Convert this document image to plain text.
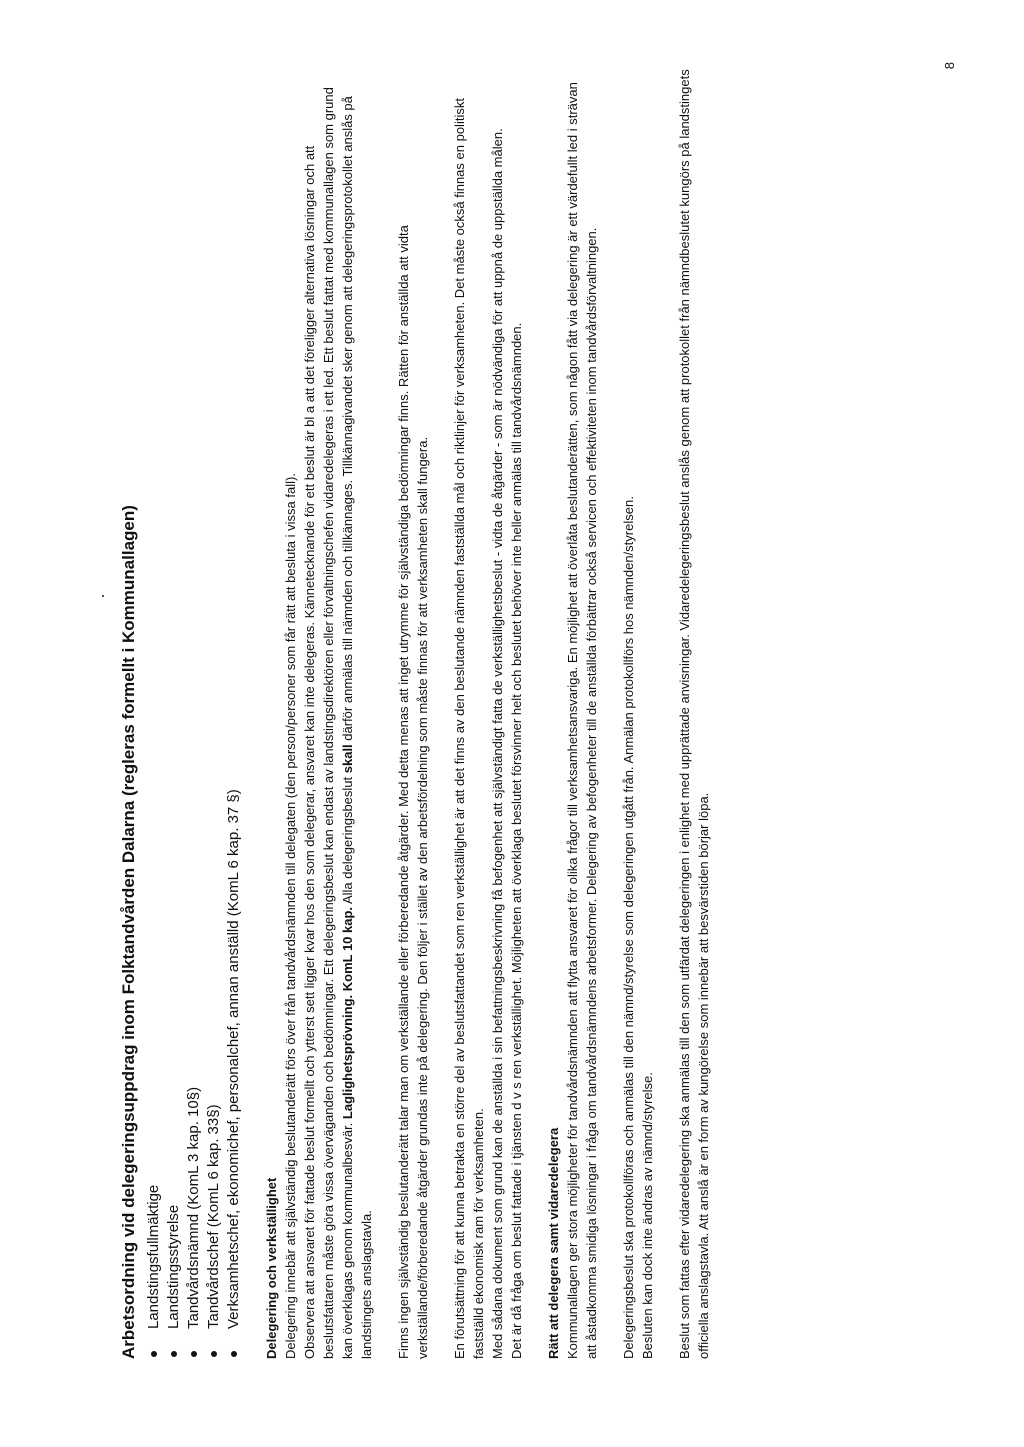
Arbetsordning vid delegeringsuppdrag inom Folktandvården Dalarna (regleras formellt i Kommunallagen) Landstingsfullmäktige Landstingsstyrelse Tandvårdsnämnd (KomL 3 kap. 10§) Tandvårdschef (KomL 6 kap. 33§) Verksamhetschef, ekonomichef, personalchef, annan anställd (KomL 6 kap. 37 §) Delegering och verkställighet Delegering innebär att självständig beslutanderätt förs över från tandvårdsnämnden till delegaten (den person/personer som får rätt att besluta i vissa fall). Observera att ansvaret för fattade beslut formellt och ytterst sett ligger kvar hos den som delegerar, ansvaret kan inte delegeras. Kännetecknande för ett beslut är bl a att det föreligger alternativa lösningar och att beslutsfattaren måste göra vissa överväganden och bedömningar. Ett delegeringsbeslut kan endast av landstingsdirektören eller förvaltningschefen vidaredelegeras i ett led. Ett beslut fattat med kommunallagen som grund kan överklagas genom kommunalbesvär. Laglighetsprövning. KomL 10 kap. Alla delegeringsbeslut skall därför anmälas till nämnden och tillkännages. Tillkännagivandet sker genom att delegeringsprotokollet anslås på landstingets anslagstavla. Finns ingen självständig beslutanderätt talar man om verkställande eller förberedande åtgärder. Med detta menas att inget utrymme för självständiga bedömningar finns. Rätten för anställda att vidta verkställande/förberedande åtgärder grundas inte på delegering. Den följer i stället av den arbetsfördelning som måste finnas för att verksamheten skall fungera. En förutsättning för att kunna betrakta en större del av beslutsfattandet som ren verkställighet är att det finns av den beslutande nämnden fastställda mål och riktlinjer för verksamheten. Det måste också finnas en politiskt fastställd ekonomisk ram för verksamheten. Med sådana dokument som grund kan de anställda i sin befattningsbeskrivning få befogenhet att självständigt fatta de verkställighetsbeslut - vidta de åtgärder - som är nödvändiga för att uppnå de uppställda målen. Det är då fråga om beslut fattade i tjänsten d v s ren verkställighet. Möjligheten att överklaga beslutet försvinner helt och beslutet behöver inte heller anmälas till tandvårdsnämnden. Rätt att delegera samt vidaredelegera Kommunallagen ger stora möjligheter för tandvårdsnämnden att flytta ansvaret för olika frågor till verksamhetsansvariga. En möjlighet att överlåta beslutanderätten, som någon fått via delegering är ett värdefullt led i strävan att åstadkomma smidiga lösningar i fråga om tandvårdsnämndens arbetsformer. Delegering av befogenheter till de anställda förbättrar också servicen och effektiviteten inom tandvårdsförvaltningen. Delegeringsbeslut ska protokollföras och anmälas till den nämnd/styrelse som delegeringen utgått från. Anmälan protokollförs hos nämnden/styrelsen. Besluten kan dock inte ändras av nämnd/styrelse. Beslut som fattas efter vidaredelegering ska anmälas till den som utfärdat delegeringen i enlighet med upprättade anvisningar. Vidaredelegeringsbeslut anslås genom att protokollet från nämndbeslutet kungörs på landstingets officiella anslagstavla. Att anslå är en form av kungörelse som innebär att besvärstiden börjar löpa.

8
